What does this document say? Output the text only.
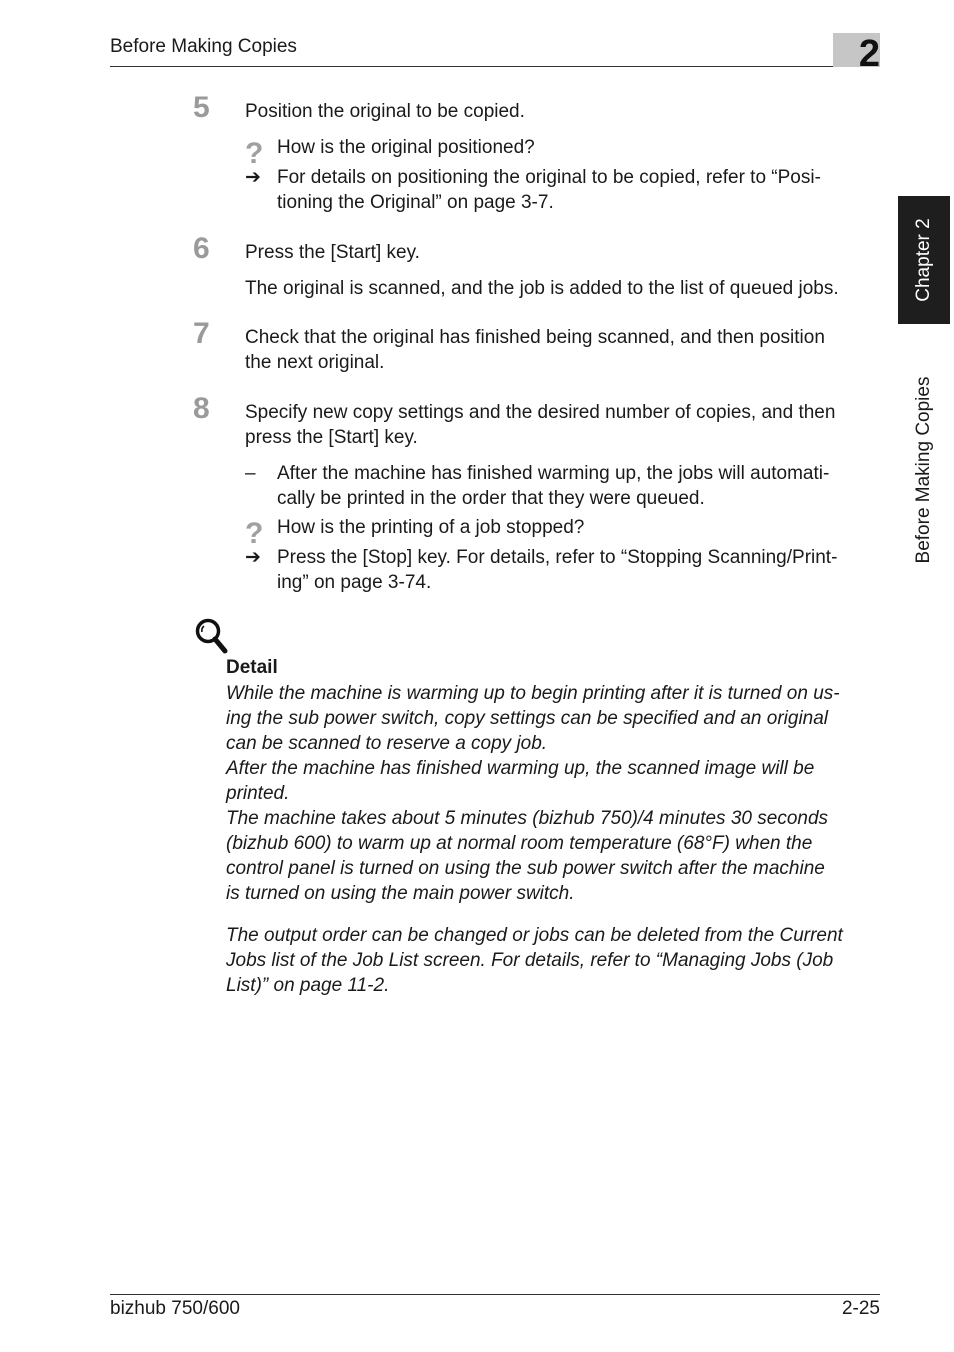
Before Making Copies	2
Chapter 2
Before Making Copies
5 Position the original to be copied.
? How is the original positioned?
➔ For details on positioning the original to be copied, refer to “Posi-
tioning the Original” on page 3-7.
6 Press the [Start] key.
The original is scanned, and the job is added to the list of queued jobs.
7 Check that the original has finished being scanned, and then position
the next original.
8 Specify new copy settings and the desired number of copies, and then
press the [Start] key.
– After the machine has finished warming up, the jobs will automati-
cally be printed in the order that they were queued.
? How is the printing of a job stopped?
➔ Press the [Stop] key. For details, refer to “Stopping Scanning/Print-
ing” on page 3-74.
Detail
While the machine is warming up to begin printing after it is turned on us-
ing the sub power switch, copy settings can be specified and an original
can be scanned to reserve a copy job.
After the machine has finished warming up, the scanned image will be
printed.
The machine takes about 5 minutes (bizhub 750)/4 minutes 30 seconds
(bizhub 600) to warm up at normal room temperature (68°F) when the
control panel is turned on using the sub power switch after the machine
is turned on using the main power switch.
The output order can be changed or jobs can be deleted from the Current
Jobs list of the Job List screen. For details, refer to “Managing Jobs (Job
List)” on page 11-2.
bizhub 750/600	2-25
